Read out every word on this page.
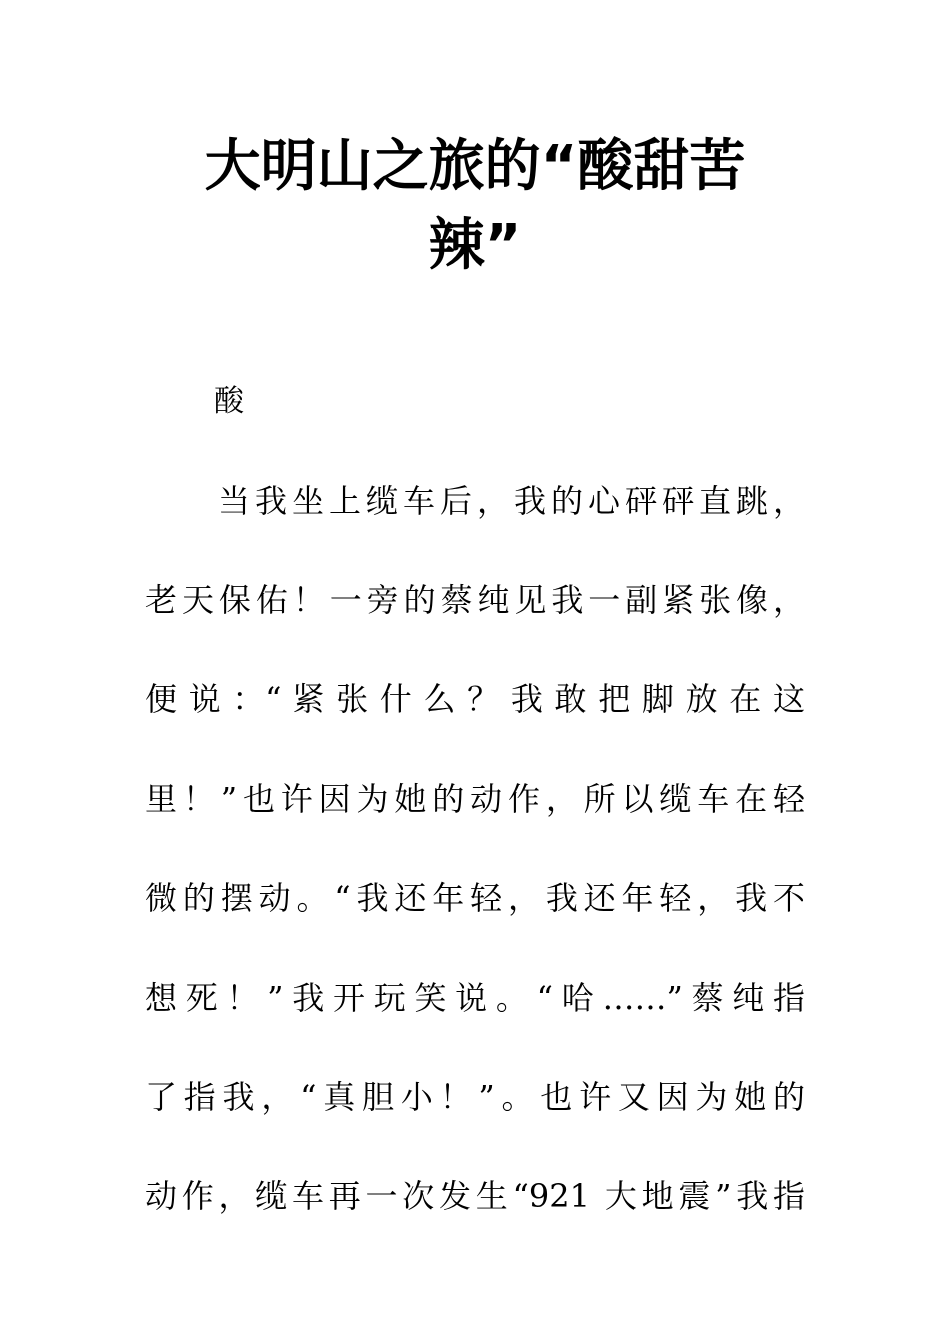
大明山之旅的“酸甜苦
辣”

酸

当我坐上缆车后，我的心砰砰直跳，

老天保佑！一旁的蔡纯见我一副紧张像，

便 说 ：“ 紧 张 什 么 ？ 我 敢 把 脚 放 在 这

里！”也许因为她的动作，所以缆车在轻

微的摆动。“我还年轻，我还年轻，我不

想死！”我开玩笑说。“哈……”蔡纯指

了指我，“真胆小！”。也许又因为她的

动作，缆车再一次发生“921 大地震”我指
